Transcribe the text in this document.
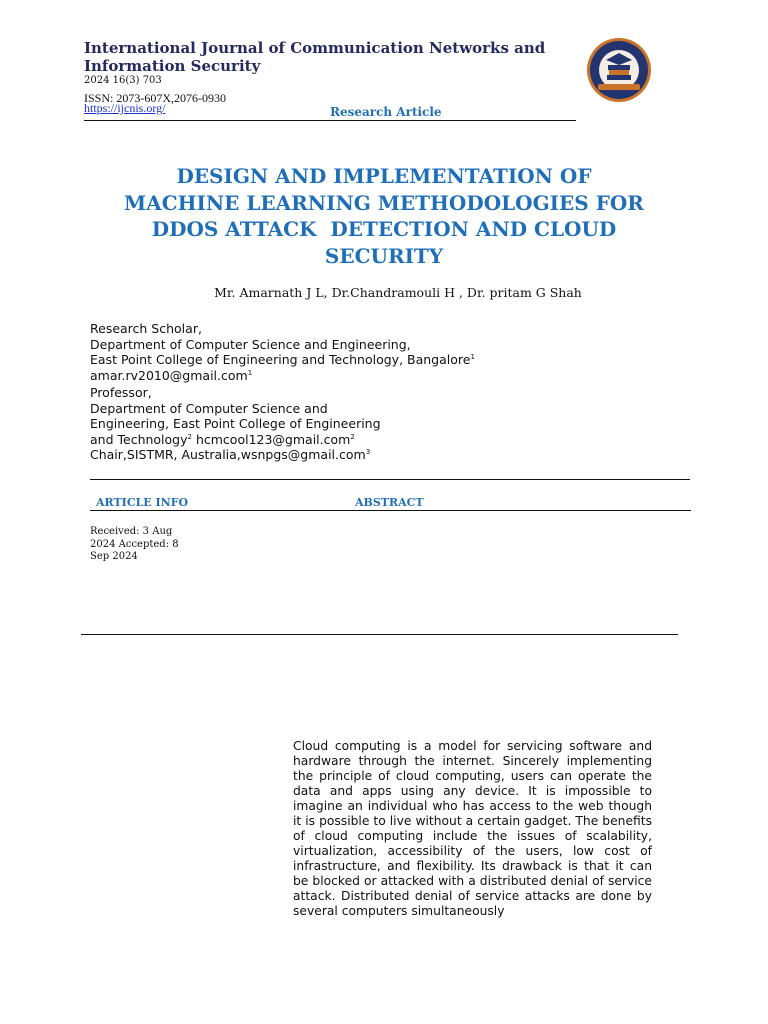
International Journal of Communication Networks and Information Security
2024 16(3) 703
ISSN: 2073-607X,2076-0930
https://ijcnis.org/	Research Article
DESIGN AND IMPLEMENTATION OF
MACHINE LEARNING METHODOLOGIES FOR
DDOS ATTACK  DETECTION AND CLOUD
SECURITY
Mr. Amarnath J L, Dr.Chandramouli H , Dr. pritam G Shah
Research Scholar,
Department of Computer Science and Engineering,
East Point College of Engineering and Technology, Bangalore$^1$
amar.rv2010@gmail.com$^1$
Professor,
Department of Computer Science and
Engineering, East Point College of Engineering
and Technology$^2$ hcmcool123@gmail.com$^2$
Chair,SISTMR, Australia,wsnpgs@gmail.com$^3$
ARTICLE INFO	ABSTRACT
Received: 3 Aug
2024 Accepted: 8
Sep 2024
Cloud computing is a model for servicing software and hardware through the internet. Sincerely implementing the principle of cloud computing, users can operate the data and apps using any device. It is impossible to imagine an individual who has access to the web though it is possible to live without a certain gadget. The benefits of cloud computing include the issues of scalability, virtualization, accessibility of the users, low cost of infrastructure, and flexibility. Its drawback is that it can be blocked or attacked with a distributed denial of service attack. Distributed denial of service attacks are done by several computers simultaneously
